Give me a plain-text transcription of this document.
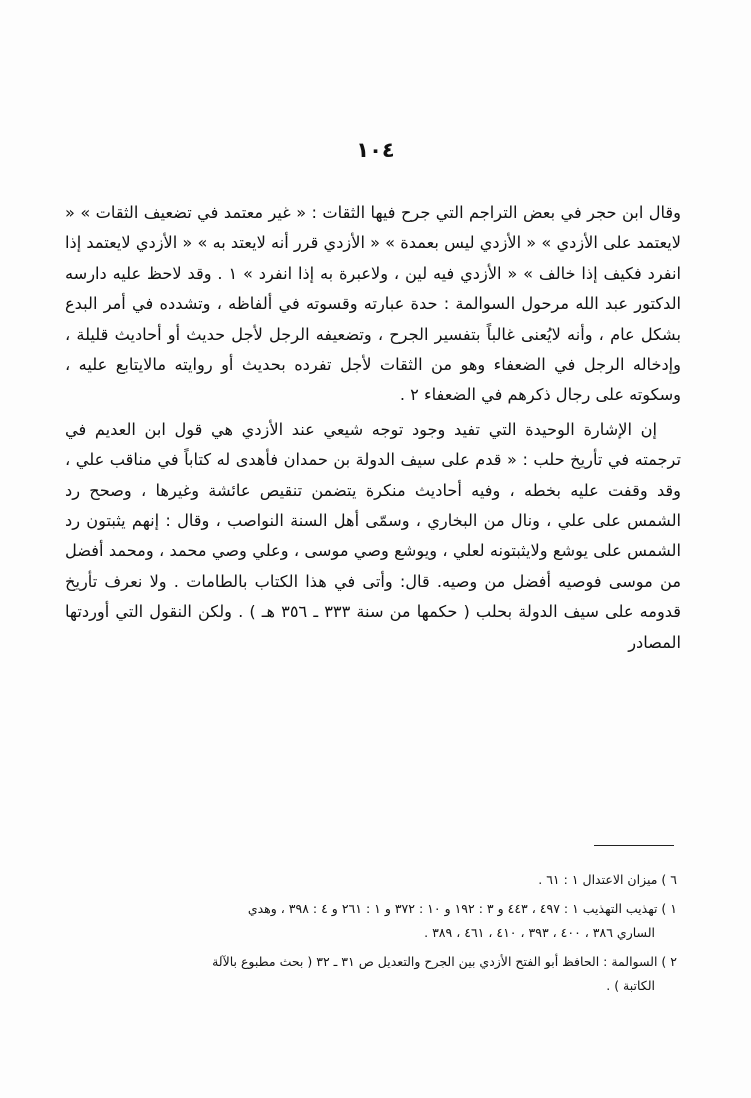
١٠٤

وقال ابن حجر في بعض التراجم التي جرح فيها الثقات : « غير معتمد في تضعيف الثقات » « لايعتمد على الأزدي » « الأزدي ليس بعمدة » « الأزدي قرر أنه لايعتد به » « الأزدي لايعتمد إذا انفرد فكيف إذا خالف » « الأزدي فيه لين ، ولاعبرة به إذا انفرد » ١ . وقد لاحظ عليه دارسه الدكتور عبد الله مرحول السوالمة : حدة عبارته وقسوته في ألفاظه ، وتشدده في أمر البدع بشكل عام ، وأنه لايُعنى غالباً بتفسير الجرح ، وتضعيفه الرجل لأجل حديث أو أحاديث قليلة ، وإدخاله الرجل في الضعفاء وهو من الثقات لأجل تفرده بحديث أو روايته مالايتابع عليه ، وسكوته على رجال ذكرهم في الضعفاء ٢ .

إن الإشارة الوحيدة التي تفيد وجود توجه شيعي عند الأزدي هي قول ابن العديم في ترجمته في تأريخ حلب : « قدم على سيف الدولة بن حمدان فأهدى له كتاباً في مناقب علي ، وقد وقفت عليه بخطه ، وفيه أحاديث منكرة يتضمن تنقيص عائشة وغيرها ، وصحح رد الشمس على علي ، ونال من البخاري ، وسمّى أهل السنة النواصب ، وقال : إنهم يثبتون رد الشمس على يوشع ولايثبتونه لعلي ، ويوشع وصي موسى ، وعلي وصي محمد ، ومحمد أفضل من موسى فوصيه أفضل من وصيه. قال: وأتى في هذا الكتاب بالطامات . ولا نعرف تأريخ قدومه على سيف الدولة بحلب ( حكمها من سنة ٣٣٣ ـ ٣٥٦ هـ ) . ولكن النقول التي أوردتها المصادر

٦ ) ميزان الاعتدال ١ : ٦١ .

١ ) تهذيب التهذيب ١ : ٤٩٧ ، ٤٤٣ و ٣ : ١٩٢ و ١٠ : ٣٧٢ و ١ : ٢٦١ و ٤ : ٣٩٨ ، وهدي
الساري ٣٨٦ ، ٤٠٠ ، ٣٩٣ ، ٤١٠ ، ٤٦١ ، ٣٨٩ .

٢ ) السوالمة : الحافظ أبو الفتح الأزدي بين الجرح والتعديل ص ٣١ ـ ٣٢ ( بحث مطبوع بالآلة
الكاتبة ) .
